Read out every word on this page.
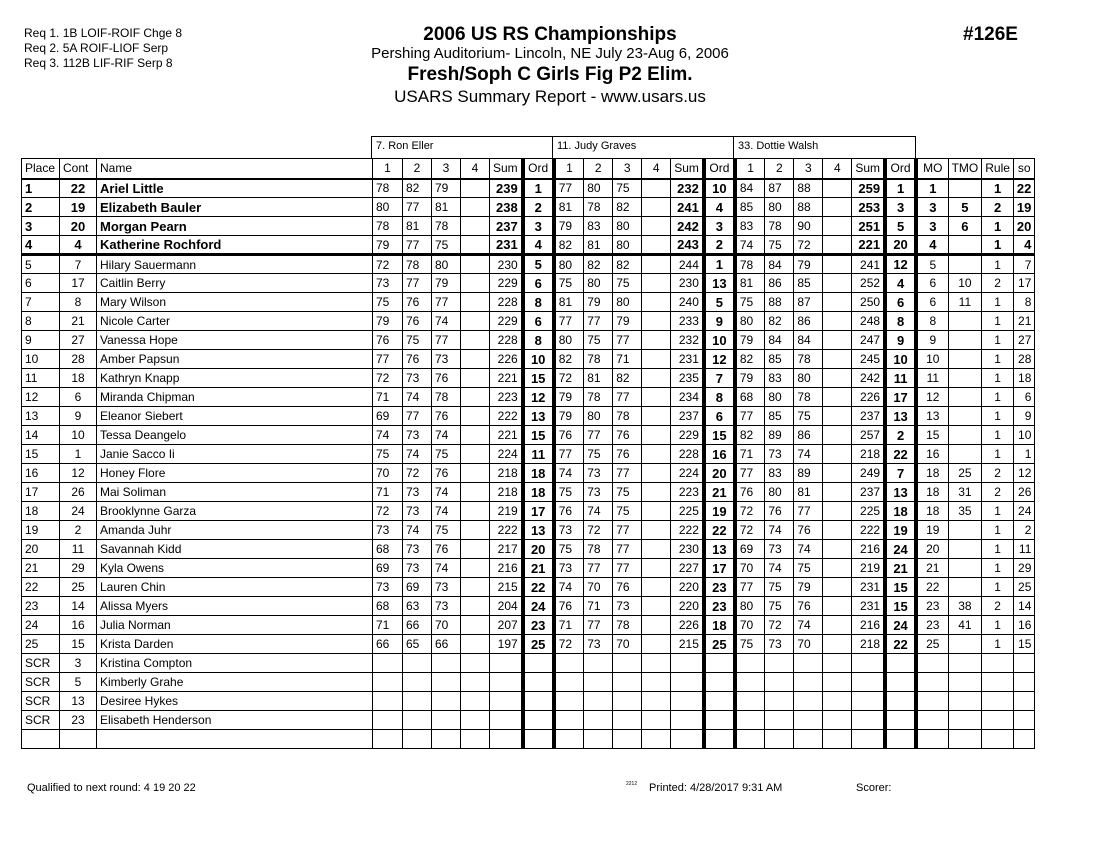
Req 1. 1B LOIF-ROIF Chge 8
Req 2. 5A ROIF-LIOF Serp
Req 3. 112B LIF-RIF Serp 8
2006 US RS Championships
Pershing Auditorium- Lincoln, NE July 23-Aug 6, 2006
Fresh/Soph C Girls Fig P2 Elim.
USARS Summary Report - www.usars.us
#126E
7. Ron Eller	11. Judy Graves	33. Dottie Walsh
Place	Cont	Name	1	2	3	4	Sum	Ord	1	2	3	4	Sum	Ord	1	2	3	4	Sum	Ord	MO	TMO	Rule	so
1	22	Ariel Little	78	82	79		239	1	77	80	75		232	10	84	87	88		259	1	1		1	22
2	19	Elizabeth Bauler	80	77	81		238	2	81	78	82		241	4	85	80	88		253	3	3	5	2	19
3	20	Morgan Pearn	78	81	78		237	3	79	83	80		242	3	83	78	90		251	5	3	6	1	20
4	4	Katherine Rochford	79	77	75		231	4	82	81	80		243	2	74	75	72		221	20	4		1	4
5	7	Hilary Sauermann	72	78	80		230	5	80	82	82		244	1	78	84	79		241	12	5		1	7
6	17	Caitlin Berry	73	77	79		229	6	75	80	75		230	13	81	86	85		252	4	6	10	2	17
7	8	Mary Wilson	75	76	77		228	8	81	79	80		240	5	75	88	87		250	6	6	11	1	8
8	21	Nicole Carter	79	76	74		229	6	77	77	79		233	9	80	82	86		248	8	8		1	21
9	27	Vanessa Hope	76	75	77		228	8	80	75	77		232	10	79	84	84		247	9	9		1	27
10	28	Amber Papsun	77	76	73		226	10	82	78	71		231	12	82	85	78		245	10	10		1	28
11	18	Kathryn Knapp	72	73	76		221	15	72	81	82		235	7	79	83	80		242	11	11		1	18
12	6	Miranda Chipman	71	74	78		223	12	79	78	77		234	8	68	80	78		226	17	12		1	6
13	9	Eleanor Siebert	69	77	76		222	13	79	80	78		237	6	77	85	75		237	13	13		1	9
14	10	Tessa Deangelo	74	73	74		221	15	76	77	76		229	15	82	89	86		257	2	15		1	10
15	1	Janie Sacco Ii	75	74	75		224	11	77	75	76		228	16	71	73	74		218	22	16		1	1
16	12	Honey Flore	70	72	76		218	18	74	73	77		224	20	77	83	89		249	7	18	25	2	12
17	26	Mai Soliman	71	73	74		218	18	75	73	75		223	21	76	80	81		237	13	18	31	2	26
18	24	Brooklynne Garza	72	73	74		219	17	76	74	75		225	19	72	76	77		225	18	18	35	1	24
19	2	Amanda Juhr	73	74	75		222	13	73	72	77		222	22	72	74	76		222	19	19		1	2
20	11	Savannah Kidd	68	73	76		217	20	75	78	77		230	13	69	73	74		216	24	20		1	11
21	29	Kyla Owens	69	73	74		216	21	73	77	77		227	17	70	74	75		219	21	21		1	29
22	25	Lauren Chin	73	69	73		215	22	74	70	76		220	23	77	75	79		231	15	22		1	25
23	14	Alissa Myers	68	63	73		204	24	76	71	73		220	23	80	75	76		231	15	23	38	2	14
24	16	Julia Norman	71	66	70		207	23	71	77	78		226	18	70	72	74		216	24	23	41	1	16
25	15	Krista Darden	66	65	66		197	25	72	73	70		215	25	75	73	70		218	22	25		1	15
SCR	3	Kristina Compton																						
SCR	5	Kimberly Grahe																						
SCR	13	Desiree Hykes																						
SCR	23	Elisabeth Henderson																						

Qualified to next round: 4 19 20 22	2212 Printed: 4/28/2017 9:31 AM	Scorer:
